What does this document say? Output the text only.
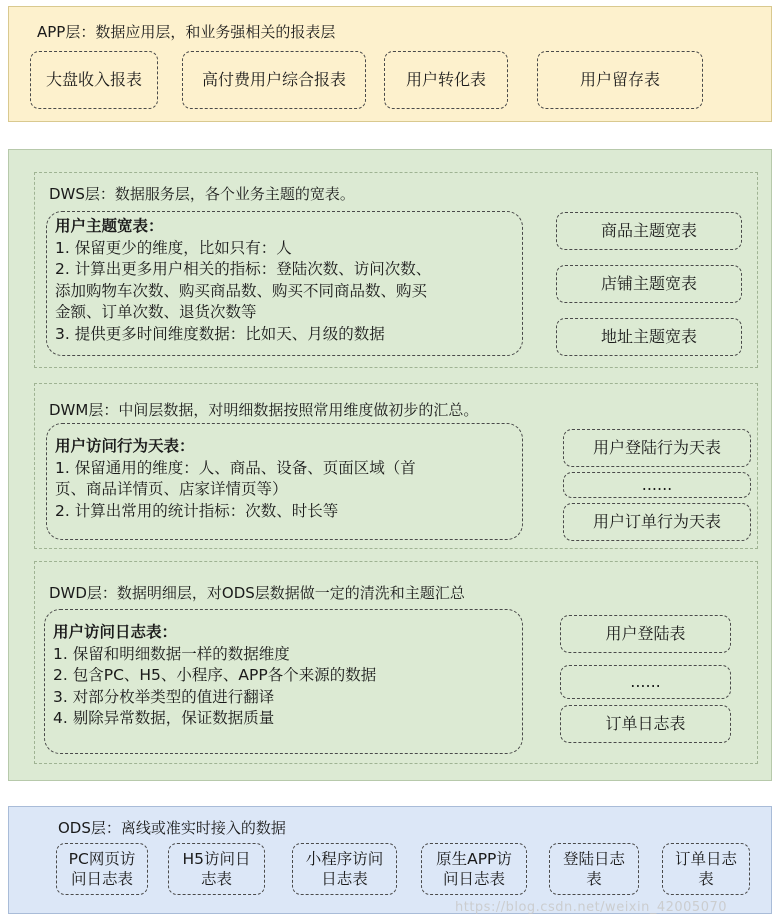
APP层：数据应用层，和业务强相关的报表层
大盘收入报表	高付费用户综合报表	用户转化表	用户留存表
DWS层：数据服务层，各个业务主题的宽表。
用户主题宽表：
1. 保留更少的维度，比如只有：人
2. 计算出更多用户相关的指标：登陆次数、访问次数、
添加购物车次数、购买商品数、购买不同商品数、购买
金额、订单次数、退货次数等
3. 提供更多时间维度数据：比如天、月级的数据
商品主题宽表
店铺主题宽表
地址主题宽表
DWM层：中间层数据，对明细数据按照常用维度做初步的汇总。
用户访问行为天表：
1. 保留通用的维度：人、商品、设备、页面区域（首
页、商品详情页、店家详情页等）
2. 计算出常用的统计指标：次数、时长等
用户登陆行为天表
......
用户订单行为天表
DWD层：数据明细层，对ODS层数据做一定的清洗和主题汇总
用户访问日志表：
1. 保留和明细数据一样的数据维度
2. 包含PC、H5、小程序、APP各个来源的数据
3. 对部分枚举类型的值进行翻译
4. 剔除异常数据，保证数据质量
用户登陆表
......
订单日志表
ODS层：离线或准实时接入的数据
PC网页访
问日志表
H5访问日
志表
小程序访问
日志表
原生APP访
问日志表
登陆日志
表
订单日志
表
https://blog.csdn.net/weixin_42005070
